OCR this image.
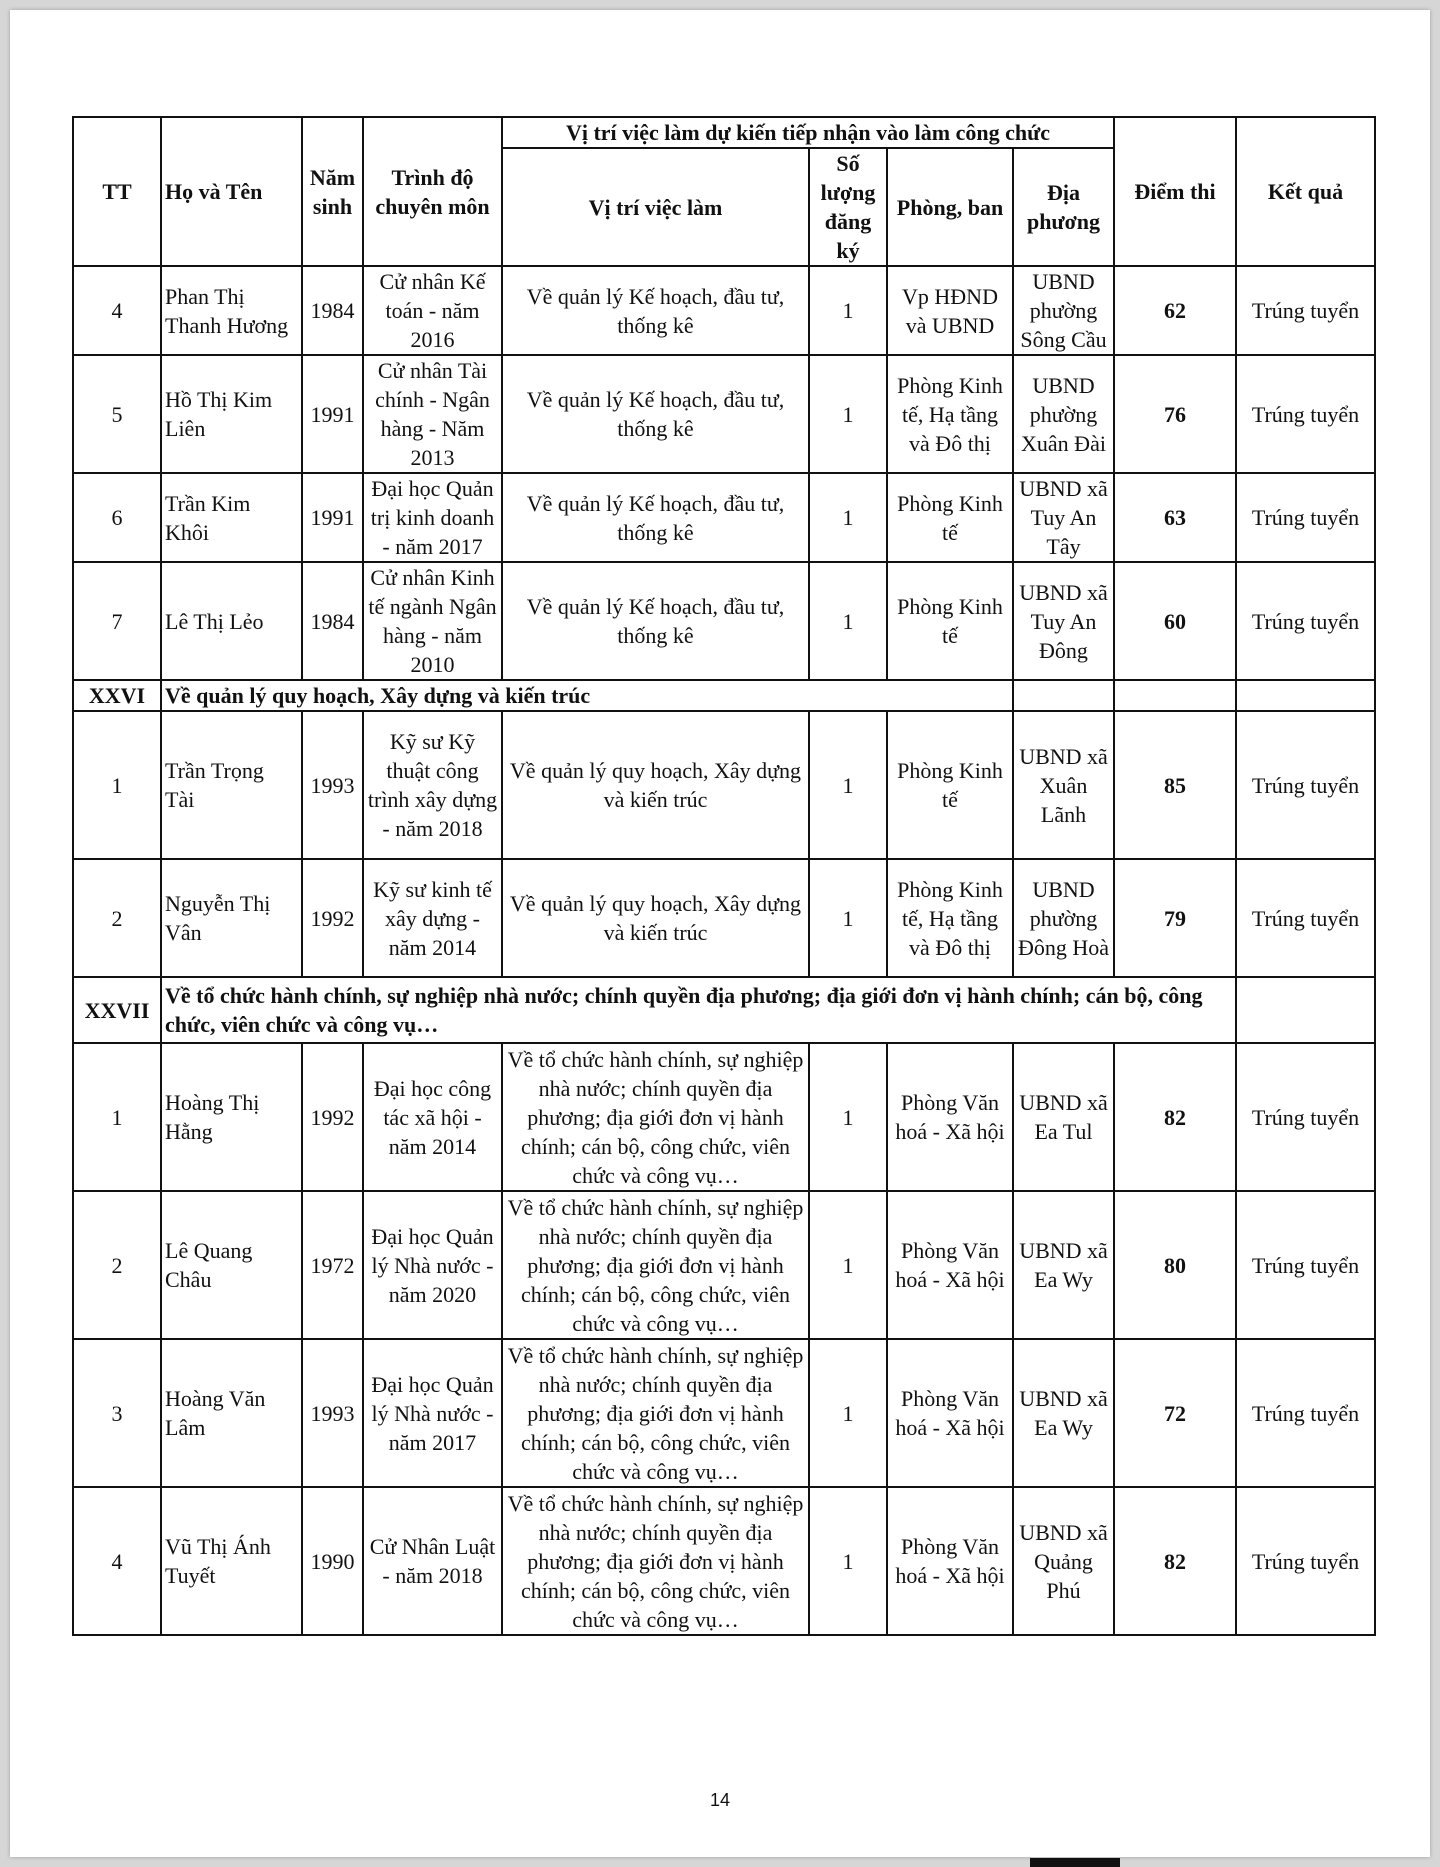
TT	Họ và Tên	Năm sinh	Trình độ chuyên môn	Vị trí việc làm dự kiến tiếp nhận vào làm công chức				Điểm thi	Kết quả
				Vị trí việc làm	Số lượng đăng ký	Phòng, ban	Địa phương		
4	Phan Thị Thanh Hương	1984	Cử nhân Kế toán - năm 2016	Về quản lý Kế hoạch, đầu tư, thống kê	1	Vp HĐND và UBND	UBND phường Sông Cầu	62	Trúng tuyển
5	Hồ Thị Kim Liên	1991	Cử nhân Tài chính - Ngân hàng - Năm 2013	Về quản lý Kế hoạch, đầu tư, thống kê	1	Phòng Kinh tế, Hạ tầng và Đô thị	UBND phường Xuân Đài	76	Trúng tuyển
6	Trần Kim Khôi	1991	Đại học Quản trị kinh doanh - năm 2017	Về quản lý Kế hoạch, đầu tư, thống kê	1	Phòng Kinh tế	UBND xã Tuy An Tây	63	Trúng tuyển
7	Lê Thị Lẻo	1984	Cử nhân Kinh tế ngành Ngân hàng - năm 2010	Về quản lý Kế hoạch, đầu tư, thống kê	1	Phòng Kinh tế	UBND xã Tuy An Đông	60	Trúng tuyển
XXVI	Về quản lý quy hoạch, Xây dựng và kiến trúc								
1	Trần Trọng Tài	1993	Kỹ sư Kỹ thuật công trình xây dựng - năm 2018	Về quản lý quy hoạch, Xây dựng và kiến trúc	1	Phòng Kinh tế	UBND xã Xuân Lãnh	85	Trúng tuyển
2	Nguyễn Thị Vân	1992	Kỹ sư kinh tế xây dựng - năm 2014	Về quản lý quy hoạch, Xây dựng và kiến trúc	1	Phòng Kinh tế, Hạ tầng và Đô thị	UBND phường Đông Hoà	79	Trúng tuyển
XXVII	Về tổ chức hành chính, sự nghiệp nhà nước; chính quyền địa phương; địa giới đơn vị hành chính; cán bộ, công chức, viên chức và công vụ…								
1	Hoàng Thị Hằng	1992	Đại học công tác xã hội - năm 2014	Về tổ chức hành chính, sự nghiệp nhà nước; chính quyền địa phương; địa giới đơn vị hành chính; cán bộ, công chức, viên chức và công vụ…	1	Phòng Văn hoá - Xã hội	UBND xã Ea Tul	82	Trúng tuyển
2	Lê Quang Châu	1972	Đại học Quản lý Nhà nước - năm 2020	Về tổ chức hành chính, sự nghiệp nhà nước; chính quyền địa phương; địa giới đơn vị hành chính; cán bộ, công chức, viên chức và công vụ…	1	Phòng Văn hoá - Xã hội	UBND xã Ea Wy	80	Trúng tuyển
3	Hoàng Văn Lâm	1993	Đại học Quản lý Nhà nước - năm 2017	Về tổ chức hành chính, sự nghiệp nhà nước; chính quyền địa phương; địa giới đơn vị hành chính; cán bộ, công chức, viên chức và công vụ…	1	Phòng Văn hoá - Xã hội	UBND xã Ea Wy	72	Trúng tuyển
4	Vũ Thị Ánh Tuyết	1990	Cử Nhân Luật - năm 2018	Về tổ chức hành chính, sự nghiệp nhà nước; chính quyền địa phương; địa giới đơn vị hành chính; cán bộ, công chức, viên chức và công vụ…	1	Phòng Văn hoá - Xã hội	UBND xã Quảng Phú	82	Trúng tuyển
14
